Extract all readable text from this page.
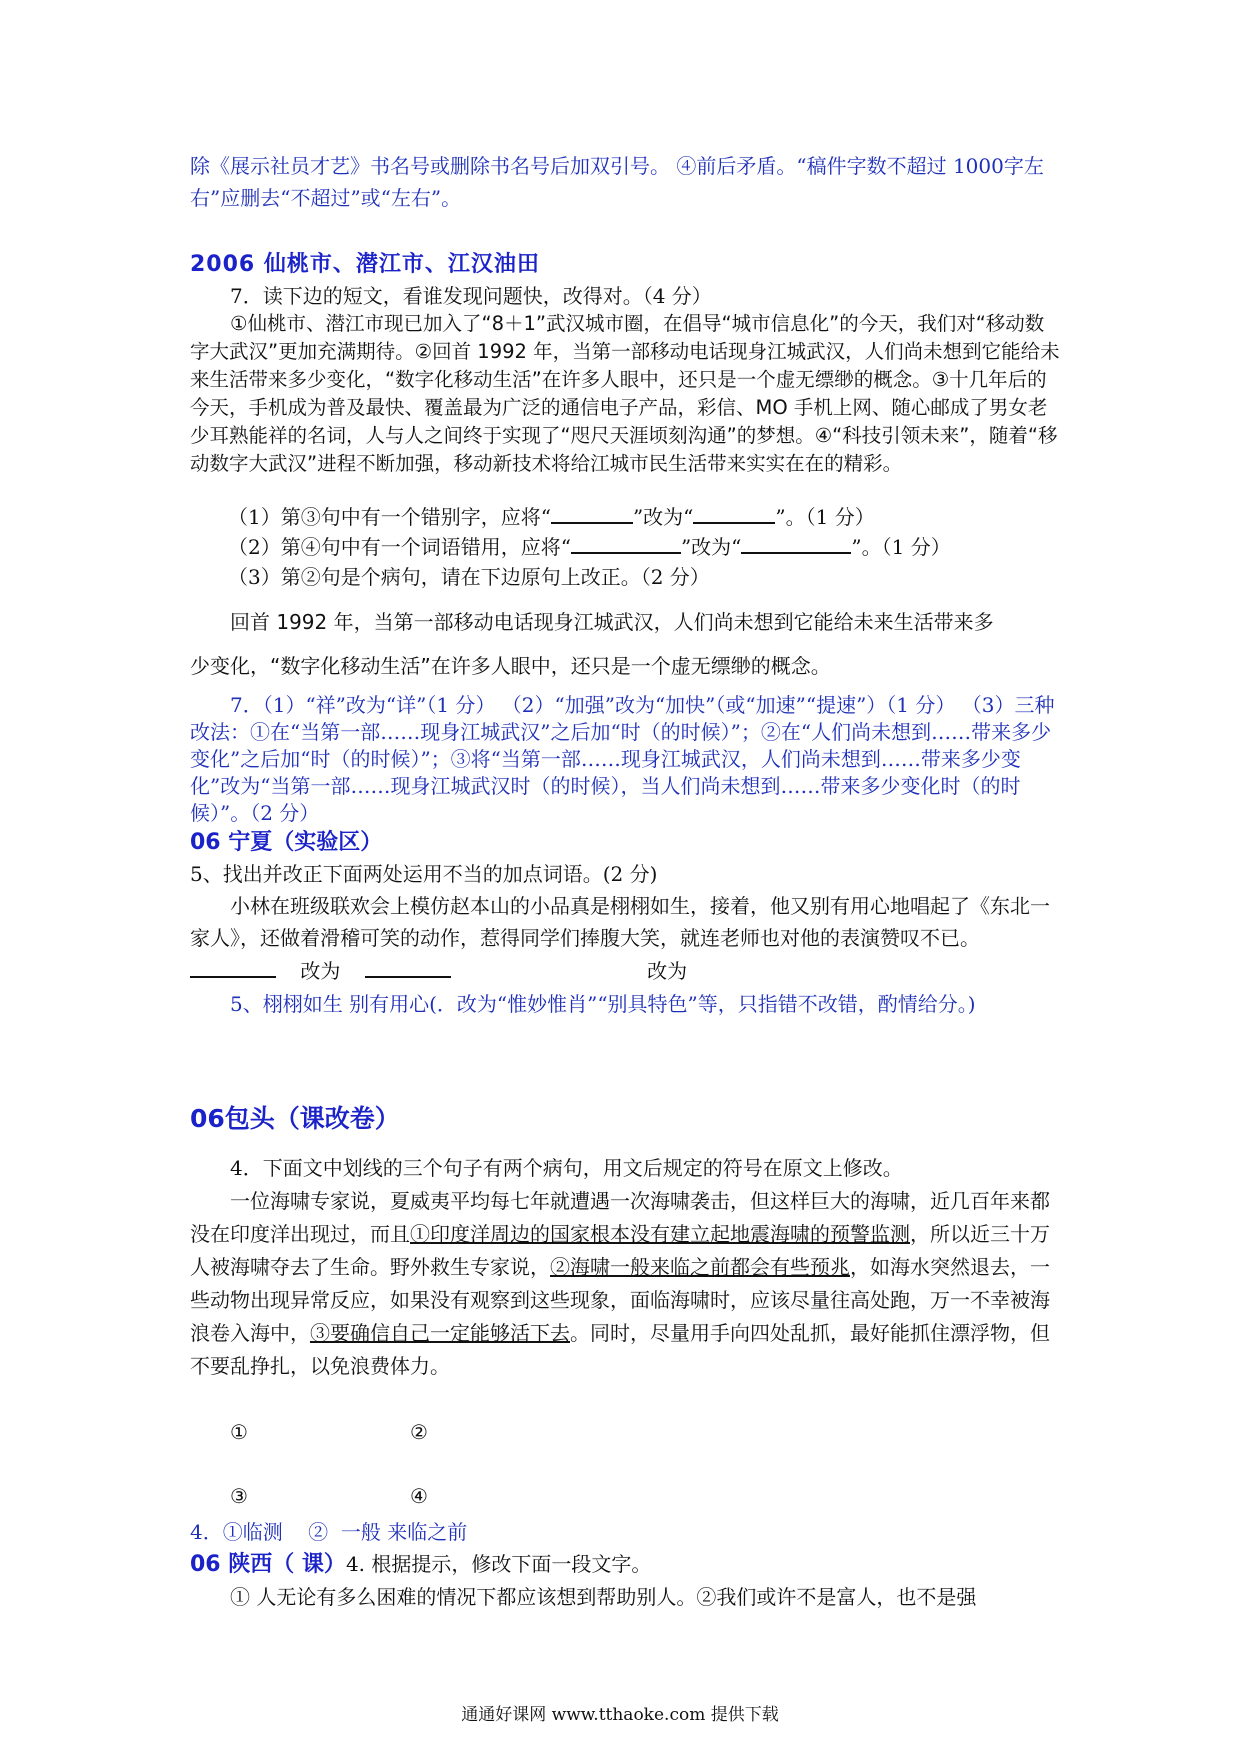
除《展示社员才艺》书名号或删除书名号后加双引号。 ④前后矛盾。“稿件字数不超过 1000字左右”应删去“不超过”或“左右”。

2006 仙桃市、潜江市、江汉油田

7．读下边的短文，看谁发现问题快，改得对。（4 分）

①仙桃市、潜江市现已加入了“8＋1”武汉城市圈，在倡导“城市信息化”的今天，我们对“移动数字大武汉”更加充满期待。②回首 1992 年，当第一部移动电话现身江城武汉，人们尚未想到它能给未来生活带来多少变化，“数字化移动生活”在许多人眼中，还只是一个虚无缥缈的概念。③十几年后的今天，手机成为普及最快、覆盖最为广泛的通信电子产品，彩信、MO 手机上网、随心邮成了男女老少耳熟能祥的名词，人与人之间终于实现了“咫尺天涯顷刻沟通”的梦想。④“科技引领未来”，随着“移动数字大武汉”进程不断加强，移动新技术将给江城市民生活带来实实在在的精彩。

（1）第③句中有一个错别字，应将“	”改为“	”。（1 分）

（2）第④句中有一个词语错用，应将“	”改为“	”。（1 分）

（3）第②句是个病句，请在下边原句上改正。（2 分）

回首 1992 年，当第一部移动电话现身江城武汉，人们尚未想到它能给未来生活带来多

少变化，“数字化移动生活”在许多人眼中，还只是一个虚无缥缈的概念。

7．（1）“祥”改为“详”（1 分） （2）“加强”改为“加快”（或“加速”“提速”）（1 分） （3）三种改法：①在“当第一部……现身江城武汉”之后加“时（的时候）”；②在“人们尚未想到……带来多少变化”之后加“时（的时候）”；③将“当第一部……现身江城武汉，人们尚未想到……带来多少变化”改为“当第一部……现身江城武汉时（的时候），当人们尚未想到……带来多少变化时（的时候）”。（2 分）

06 宁夏（实验区）

5、找出并改正下面两处运用不当的加点词语。(2 分)

小林在班级联欢会上模仿赵本山的小品真是栩栩如生，接着，他又别有用心地唱起了《东北一家人》，还做着滑稽可笑的动作，惹得同学们捧腹大笑，就连老师也对他的表演赞叹不已。

改为	改为

5、栩栩如生 别有用心(．改为“惟妙惟肖”“别具特色”等，只指错不改错，酌情给分。)

06包头（课改卷）

4．下面文中划线的三个句子有两个病句，用文后规定的符号在原文上修改。

一位海啸专家说，夏威夷平均每七年就遭遇一次海啸袭击，但这样巨大的海啸，近几百年来都没在印度洋出现过，而且①印度洋周边的国家根本没有建立起地震海啸的预警监测，所以近三十万人被海啸夺去了生命。野外救生专家说，②海啸一般来临之前都会有些预兆，如海水突然退去，一些动物出现异常反应，如果没有观察到这些现象，面临海啸时，应该尽量往高处跑，万一不幸被海浪卷入海中，③要确信自己一定能够活下去。同时，尽量用手向四处乱抓，最好能抓住漂浮物，但不要乱挣扎，以免浪费体力。

①	②
③	④

4．①临测    ②  一般 来临之前

06 陕西（ 课）4. 根据提示，修改下面一段文字。

① 人无论有多么困难的情况下都应该想到帮助别人。②我们或许不是富人，也不是强

通通好课网 www.tthaoke.com 提供下载
